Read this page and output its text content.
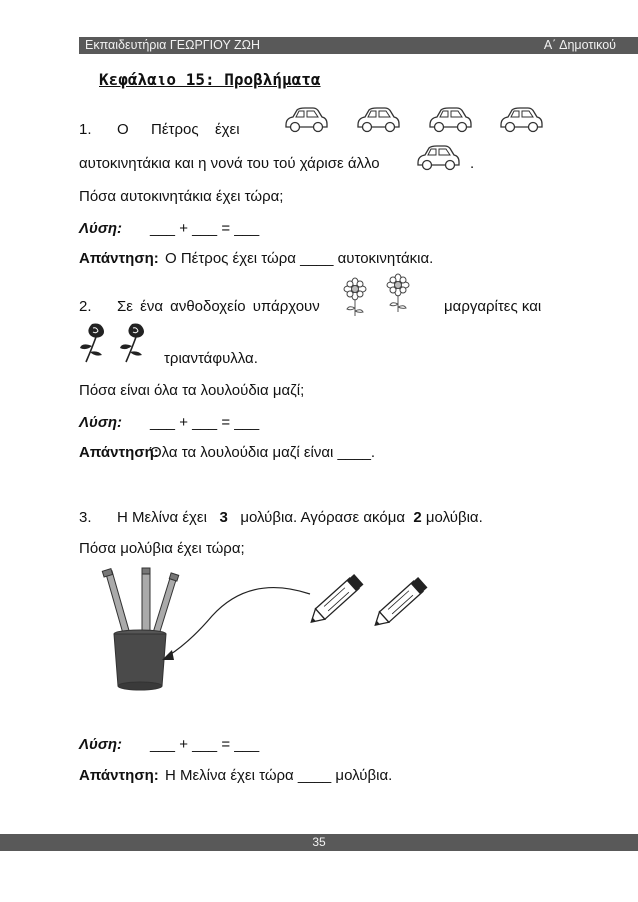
Εκπαιδευτήρια ΓΕΩΡΓΙΟΥ ΖΩΗ	Α΄ Δημοτικού
Κεφάλαιο 15: Προβλήματα
1. Ο Πέτρος έχει
αυτοκινητάκια και η νονά του τού χάρισε άλλο	.
Πόσα αυτοκινητάκια έχει τώρα;
Λύση: ___ + ___ = ___
Απάντηση: Ο Πέτρος έχει τώρα ____ αυτοκινητάκια.
2. Σε ένα ανθοδοχείο υπάρχουν	μαργαρίτες και
τριαντάφυλλα.
Πόσα είναι όλα τα λουλούδια μαζί;
Λύση: ___ + ___ = ___
Απάντηση:
Όλα τα λουλούδια μαζί είναι ____.
3. Η Μελίνα έχει 3 μολύβια. Αγόρασε ακόμα 2 μολύβια.
Πόσα μολύβια έχει τώρα;
Λύση: ___ + ___ = ___
Απάντηση: Η Μελίνα έχει τώρα ____ μολύβια.
35
